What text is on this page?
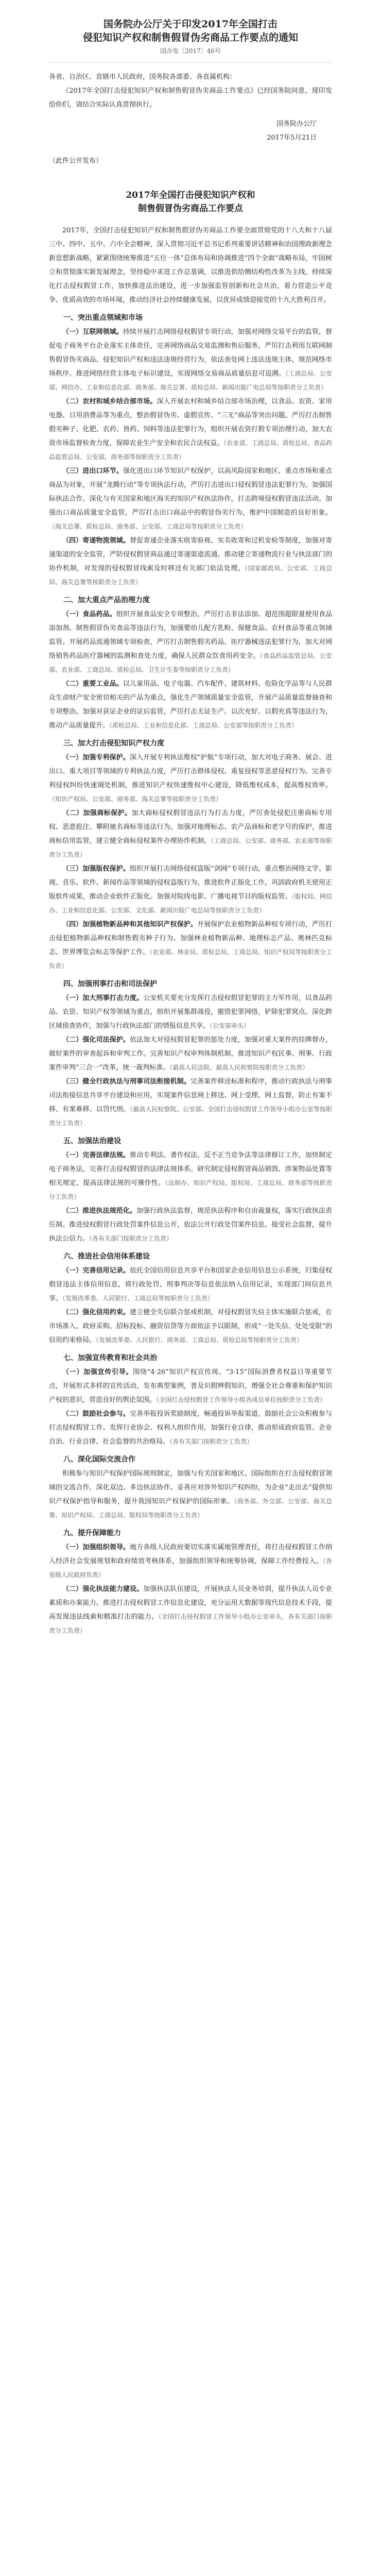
国务院办公厅关于印发2017年全国打击
侵犯知识产权和制售假冒伪劣商品工作要点的通知
国办发〔2017〕46号

各省、自治区、直辖市人民政府，国务院各部委、各直属机构：

《2017年全国打击侵犯知识产权和制售假冒伪劣商品工作要点》已经国务院同意，现印发给你们，请结合实际认真贯彻执行。

国务院办公厅

2017年5月21日

（此件公开发布）

2017年全国打击侵犯知识产权和
制售假冒伪劣商品工作要点

2017年，全国打击侵犯知识产权和制售假冒伪劣商品工作要全面贯彻党的十八大和十八届三中、四中、五中、六中全会精神，深入贯彻习近平总书记系列重要讲话精神和治国理政新理念新思想新战略，紧紧围绕统筹推进“五位一体”总体布局和协调推进“四个全面”战略布局，牢固树立和贯彻落实新发展理念，坚持稳中求进工作总基调，以推进供给侧结构性改革为主线，持续深化打击侵权假冒工作，加快推进法治建设，进一步加强监管创新和社会共治，着力营造公平竞争、优质高效的市场环境，推动经济社会持续健康发展，以优异成绩迎接党的十九大胜利召开。

一、突出重点领域和市场

（一）互联网领域。持续开展打击网络侵权假冒专项行动，加强对网络交易平台的监管，督促电子商务平台企业落实主体责任，完善网络商品交易监测和售后服务，严厉打击利用互联网制售假冒伪劣商品、侵犯知识产权和违法违规经营行为，依法查处网上违法违规主体，规范网络市场秩序。推进网络经营主体电子标识建设，实现网络交易商品质量信息可追溯。（工商总局、公安部、网信办、工业和信息化部、商务部、海关总署、质检总局、新闻出版广电总局等按职责分工负责）

（二）农村和城乡结合部市场。深入开展农村和城乡结合部市场治理，以食品、农资、家用电器、日用消费品等为重点，整治假冒伪劣、虚假宣传、“三无”商品等突出问题。严厉打击制售假劣种子、化肥、农药、兽药、饲料等违法犯罪行为，组织开展农资打假专项治理行动，加大农资市场监督检查力度，保障农业生产安全和农民合法权益。（农业部、工商总局、质检总局、食品药品监管总局、公安部、商务部等按职责分工负责）

（三）进出口环节。强化进出口环节知识产权保护，以高风险国家和地区、重点市场和重点商品为对象，开展“龙腾行动”等专项执法行动，严厉打击进出口侵权假冒违法犯罪行为。加强国际执法合作，深化与有关国家和地区海关的知识产权执法协作，打击跨境侵权假冒违法活动。加强出口商品质量安全监管，严厉打击出口商品中的假冒伪劣行为，维护中国制造的良好形象。（海关总署、质检总局、商务部、公安部、工商总局等按职责分工负责）

（四）寄递物流领域。督促寄递企业落实收寄验视、实名收寄和过机安检等制度，加强对寄递渠道的安全监管，严防侵权假冒商品通过寄递渠道流通。推动建立寄递物流行业与执法部门的协作机制，对发现的侵权假冒线索及时移送有关部门依法处理。（国家邮政局、公安部、工商总局、海关总署等按职责分工负责）

二、加大重点产品治理力度

（一）食品药品。组织开展食品安全专项整治，严厉打击非法添加、超范围超限量使用食品添加剂、制售假冒伪劣食品等违法行为，加强婴幼儿配方乳粉、保健食品、农村食品等重点领域监管。开展药品流通领域专项检查，严厉打击制售假劣药品、医疗器械违法犯罪行为，加大对网络销售药品医疗器械的监测和查处力度，确保人民群众饮食用药安全。（食品药品监管总局、公安部、农业部、工商总局、质检总局、卫生计生委等按职责分工负责）

（二）重要工业品。以儿童用品、电子电器、汽车配件、建筑材料、危险化学品等与人民群众生命财产安全密切相关的产品为重点，强化生产领域质量安全监管，开展产品质量监督抽查和专项整治。加强对获证企业的证后监管，严厉打击无证生产、以次充好、以假充真等违法行为，推动产品质量提升。（质检总局、工业和信息化部、工商总局、公安部等按职责分工负责）

三、加大打击侵犯知识产权力度

（一）加强专利保护。深入开展专利执法维权“护航”专项行动，加大对电子商务、展会、进出口、重大项目等领域的专利执法力度，严厉打击群体侵权、重复侵权等恶意侵权行为。完善专利侵权纠纷快速调处机制，推进知识产权快速维权中心建设，降低维权成本，提高维权效率。（知识产权局、公安部、商务部、海关总署等按职责分工负责）

（二）加强商标保护。加大商标侵权假冒违法行为打击力度，严厉查处侵犯注册商标专用权、恶意抢注、攀附驰名商标等违法行为。加强对地理标志、农产品商标和老字号的保护，推进商标信用监管，建立健全商标侵权案件办理协作机制。（工商总局、公安部、商务部、农业部等按职责分工负责）

（三）加强版权保护。组织开展打击网络侵权盗版“剑网”专项行动，重点整治网络文学、影视、音乐、软件、新闻作品等领域的侵权盗版行为。推进软件正版化工作，巩固政府机关使用正版软件成果，推动企业软件正版化。加强对院线电影、广播电视节目的版权监管。（版权局、网信办、工业和信息化部、公安部、文化部、新闻出版广电总局等按职责分工负责）

（四）加强植物新品种和其他知识产权保护。开展保护农业植物新品种权专项行动，严厉打击侵犯植物新品种权和制售假劣种子行为。加强林业植物新品种、地理标志产品、奥林匹克标志、世界博览会标志等保护工作。（农业部、林业局、质检总局、工商总局、知识产权局等按职责分工负责）

四、加强刑事打击和司法保护

（一）加大刑事打击力度。公安机关要充分发挥打击侵权假冒犯罪的主力军作用，以食品药品、农资、知识产权等领域为重点，组织开展集群战役，摧毁犯罪网络，铲除犯罪窝点。深化跨区域侦查协作，加强与行政执法部门的情报信息共享。（公安部牵头）

（二）强化司法保护。依法加大对侵权假冒犯罪的惩处力度，加强对重大案件的挂牌督办，做好案件的审查起诉和审判工作。完善知识产权审判体制机制，推进知识产权民事、刑事、行政案件审判“三合一”改革，统一裁判标准。（最高人民法院、最高人民检察院按职责分工负责）

（三）健全行政执法与刑事司法衔接机制。完善案件移送标准和程序，推动行政执法与刑事司法衔接信息共享平台建设和应用，实现案件信息网上移送、网上受理、网上监督，防止有案不移、有案难移、以罚代刑。（最高人民检察院、公安部、全国打击侵权假冒工作领导小组办公室等按职责分工负责）

五、加强法治建设

（一）完善法律法规。推动专利法、著作权法、反不正当竞争法等法律修订工作，加快制定电子商务法，完善打击侵权假冒的法律法规体系。研究制定侵权假冒商品销毁、涉案物品处置等相关规定，提高法律法规的可操作性。（法制办、知识产权局、版权局、工商总局、商务部等按职责分工负责）

（二）推进执法规范化。加强行政执法监督，规范执法程序和自由裁量权，落实行政执法责任制。推进侵权假冒行政处罚案件信息公开，依法公开行政处罚案件信息，接受社会监督，提升执法公信力。（各有关部门按职责分工负责）

六、推进社会信用体系建设

（一）完善信用记录。依托全国信用信息共享平台和国家企业信用信息公示系统，归集侵权假冒违法主体信用信息，将行政处罚、刑事判决等信息依法纳入信用记录，实现部门间信息共享。（发展改革委、人民银行、工商总局等按职责分工负责）

（二）强化信用约束。建立健全失信联合惩戒机制，对侵权假冒失信主体实施联合惩戒，在市场准入、政府采购、招标投标、融资信贷等方面依法予以限制，形成“一处失信、处处受限”的信用约束格局。（发展改革委、人民银行、商务部、工商总局、质检总局等按职责分工负责）

七、加强宣传教育和社会共治

（一）加强宣传引导。围绕“4·26”知识产权宣传周、“3·15”国际消费者权益日等重要节点，开展形式多样的宣传活动，发布典型案例，普及识假辨假知识，增强全社会尊重和保护知识产权的意识，营造良好的舆论氛围。（全国打击侵权假冒工作领导小组各成员单位按职责分工负责）

（二）鼓励社会参与。完善举报投诉奖励制度，畅通投诉举报渠道，鼓励社会公众积极参与打击侵权假冒工作。发挥行业协会、权利人组织作用，加强行业自律，推动形成政府监管、企业自治、行业自律、社会监督的共治格局。（各有关部门按职责分工负责）

八、深化国际交流合作

积极参与知识产权保护国际规则制定，加强与有关国家和地区、国际组织在打击侵权假冒领域的交流合作，深化双边、多边执法协作。妥善应对涉外知识产权纠纷，为企业“走出去”提供知识产权保护指导和服务，提升我国知识产权保护的国际形象。（商务部、外交部、公安部、海关总署、知识产权局、工商总局、版权局等按职责分工负责）

九、提升保障能力

（一）加强组织领导。地方各级人民政府要切实落实属地管理责任，将打击侵权假冒工作纳入经济社会发展规划和政府绩效考核体系，加强组织领导和统筹协调，保障工作经费投入。（各省级人民政府负责）

（二）强化执法能力建设。加强执法队伍建设，开展执法人员业务培训，提升执法人员专业素质和办案能力。推进打击侵权假冒工作信息化建设，充分运用大数据等现代信息技术手段，提高发现违法线索和精准打击的能力。（全国打击侵权假冒工作领导小组办公室牵头，各有关部门按职责分工负责）
